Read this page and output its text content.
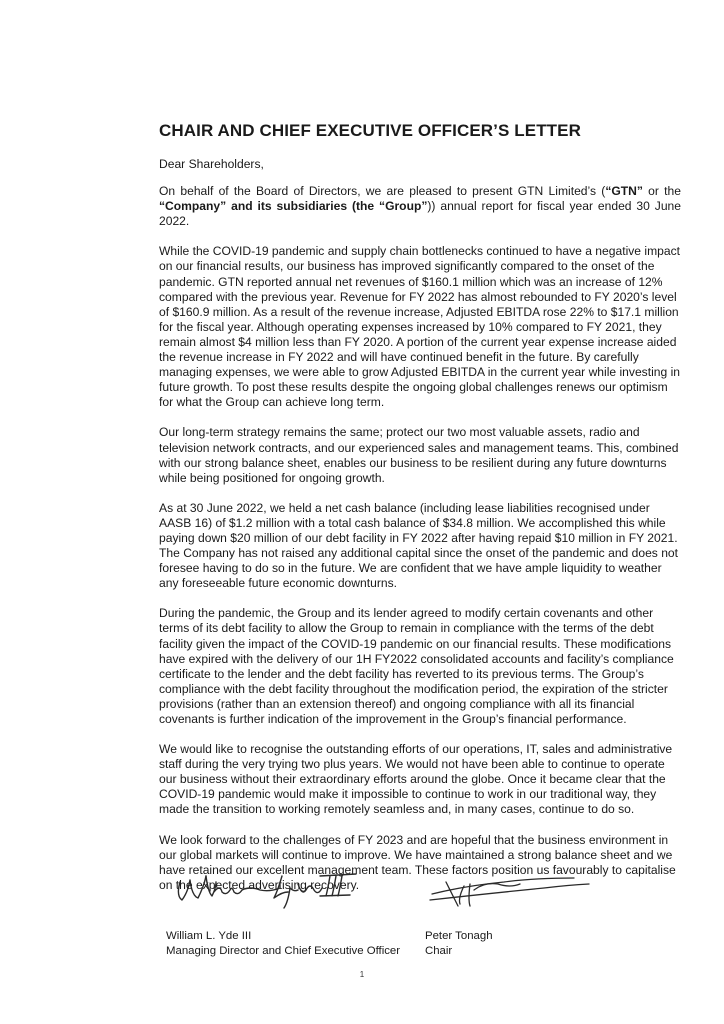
CHAIR AND CHIEF EXECUTIVE OFFICER’S LETTER

Dear Shareholders,

On behalf of the Board of Directors, we are pleased to present GTN Limited’s (“GTN” or the “Company” and its subsidiaries (the “Group”)) annual report for fiscal year ended 30 June 2022.

While the COVID-19 pandemic and supply chain bottlenecks continued to have a negative impact on our financial results, our business has improved significantly compared to the onset of the pandemic. GTN reported annual net revenues of $160.1 million which was an increase of 12% compared with the previous year. Revenue for FY 2022 has almost rebounded to FY 2020’s level of $160.9 million. As a result of the revenue increase, Adjusted EBITDA rose 22% to $17.1 million for the fiscal year. Although operating expenses increased by 10% compared to FY 2021, they remain almost $4 million less than FY 2020. A portion of the current year expense increase aided the revenue increase in FY 2022 and will have continued benefit in the future. By carefully managing expenses, we were able to grow Adjusted EBITDA in the current year while investing in future growth. To post these results despite the ongoing global challenges renews our optimism for what the Group can achieve long term.

Our long-term strategy remains the same; protect our two most valuable assets, radio and television network contracts, and our experienced sales and management teams. This, combined with our strong balance sheet, enables our business to be resilient during any future downturns while being positioned for ongoing growth.

As at 30 June 2022, we held a net cash balance (including lease liabilities recognised under AASB 16) of $1.2 million with a total cash balance of $34.8 million. We accomplished this while paying down $20 million of our debt facility in FY 2022 after having repaid $10 million in FY 2021. The Company has not raised any additional capital since the onset of the pandemic and does not foresee having to do so in the future. We are confident that we have ample liquidity to weather any foreseeable future economic downturns.

During the pandemic, the Group and its lender agreed to modify certain covenants and other terms of its debt facility to allow the Group to remain in compliance with the terms of the debt facility given the impact of the COVID-19 pandemic on our financial results. These modifications have expired with the delivery of our 1H FY2022 consolidated accounts and facility’s compliance certificate to the lender and the debt facility has reverted to its previous terms. The Group’s compliance with the debt facility throughout the modification period, the expiration of the stricter provisions (rather than an extension thereof) and ongoing compliance with all its financial covenants is further indication of the improvement in the Group’s financial performance.

We would like to recognise the outstanding efforts of our operations, IT, sales and administrative staff during the very trying two plus years. We would not have been able to continue to operate our business without their extraordinary efforts around the globe. Once it became clear that the COVID-19 pandemic would make it impossible to continue to work in our traditional way, they made the transition to working remotely seamless and, in many cases, continue to do so.

We look forward to the challenges of FY 2023 and are hopeful that the business environment in our global markets will continue to improve. We have maintained a strong balance sheet and we have retained our excellent management team. These factors position us favourably to capitalise on the expected advertising recovery.

William L. Yde III
Managing Director and Chief Executive Officer
Peter Tonagh
Chair
1
